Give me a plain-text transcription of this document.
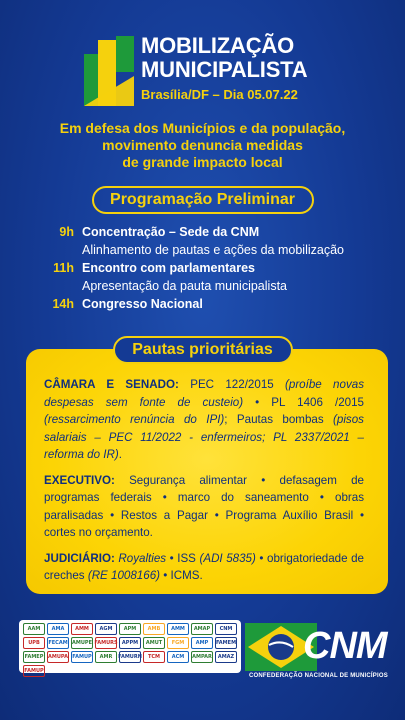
MOBILIZAÇÃO
MUNICIPALISTA
Brasília/DF – Dia 05.07.22
Em defesa dos Municípios e da população,
movimento denuncia medidas
de grande impacto local
Programação Preliminar
9h Concentração – Sede da CNM
Alinhamento de pautas e ações da mobilização
11h Encontro com parlamentares
Apresentação da pauta municipalista
14h Congresso Nacional
Pautas prioritárias

CÂMARA E SENADO: PEC 122/2015 (proíbe novas despesas sem fonte de custeio) • PL 1406 /2015 (ressarcimento renúncia do IPI); Pautas bombas (pisos salariais – PEC 11/2022 - enfermeiros; PL 2337/2021 – reforma do IR).

EXECUTIVO: Segurança alimentar • defasagem de programas federais • marco do saneamento • obras paralisadas • Restos a Pagar • Programa Auxílio Brasil • cortes no orçamento.

JUDICIÁRIO: Royalties • ISS (ADI 5835) • obrigatoriedade de creches (RE 1008166) • ICMS.

AAM	AMA	AMM	AGM	APM	AMB	AMM	AMAP	CNM
UPB	FECAM AMUPE FAMURS APPM	AMUT	FGM	AMP	FAMEM
FAMEP AMUPA FAMUP	AMR	FAMURN	TCM	ACM	AMPAR	AMAZ
FAMUP
CNM
CONFEDERAÇÃO NACIONAL DE MUNICÍPIOS
